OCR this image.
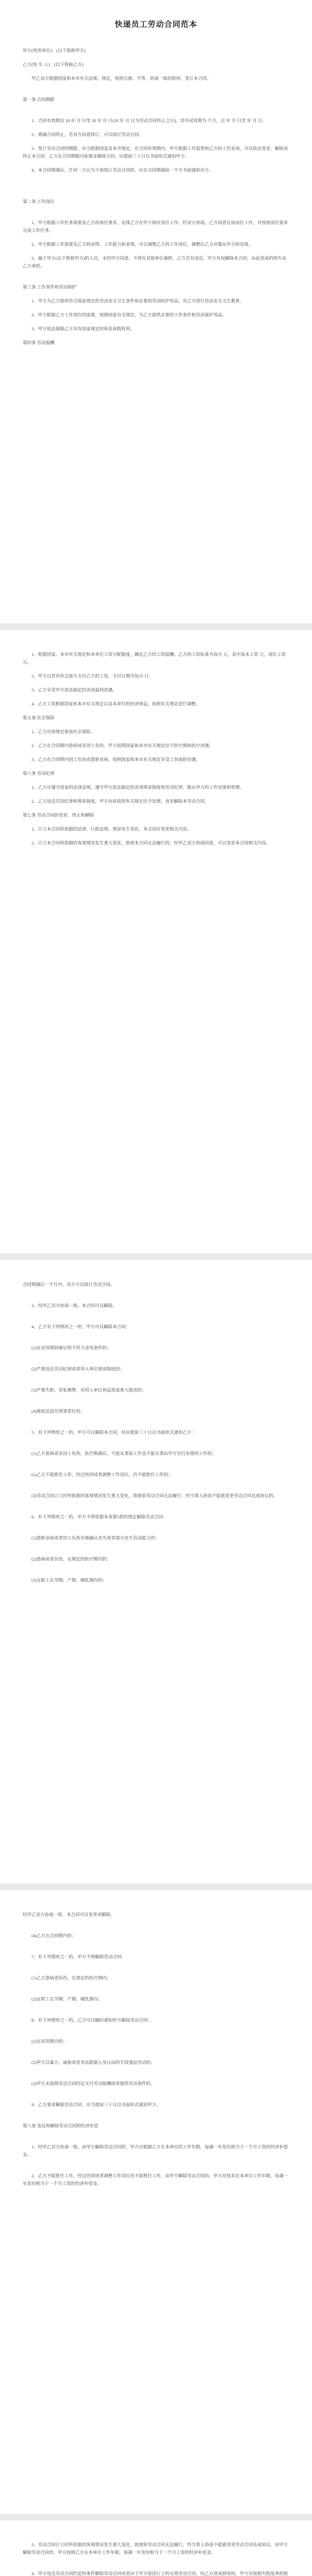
快递员工劳动合同范本

甲方(用用单位)：(以下简称甲方)

乙方(快 车 人)：(以下简称乙方)

甲乙双方根据国家和本市有关法规、规定，按照自愿、平等、协商一致的原则，签订本合同。

第一条 合同期限

1、合同有效期自 20 年 月 日至 20 年 月 日(20 年 月 日为劳动合同终止之日)。其中试用期为 个月，自 年 月 日至 年 月 日。

2、期满合同终止，若双方同意续订，可以续订劳动合同。

3、签订劳动合同的期限，应当根据国家及本市规定，在合同有效期内，甲方根据工作需要和乙方的工作表现，可以依法变更、解除或终止本合同，乙方在合同期限内如要求解除合同，应提前三十日以书面形式通知甲方。

4、本合同期满后，任何一方认为不再续订劳动合同的，应在合同期满前一个月书面通知对方。

第二条 工作岗位

1、甲方根据工作任务需要及乙方的岗位要求，安排乙方在甲方相应岗位工作。经双方协商，乙方同意在该岗位工作，并按照岗位要求完成工作任务。

2、甲方根据工作需要及乙方的业绩、工作能力和表现，可以调整乙方的工作岗位，调整后乙方应服从甲方的安排。

3、属于甲方(以下简称甲方)的人员，未经甲方同意，不得在其他单位兼职，乙方若有违反，甲方有权解除本合同，由此造成的损失由乙方承担。

第三条 工作条件和劳动保护

1、甲方为乙方提供符合国家规定的劳动安全卫生条件和必要的劳动防护用品，对乙方进行劳动安全卫生教育。

2、甲方根据乙方工作岗位的需要，按照国家有关规定，为乙方提供必要的工作条件和劳动保护用品。

3、甲方依法保障乙方享有国家规定的休息休假权利。

第四条 劳动报酬

1、根据国家、本市有关规定和本单位工资分配制度，确定乙方的工资报酬。乙方的工资标准为每月 元，其中基本工资 元，岗位工资 元。

2、甲方以货币形式按月支付乙方的工资，支付日期为每月 日。

3、乙方享受甲方依法制定的各项福利待遇。

4、乙方工资根据国家和本市有关规定以及本单位的经济效益，按照有关规定进行调整。

第五条 社会保险

1、乙方应按规定参加社会保险。

2、乙方在合同期内患病或非因工负伤，甲方按照国家和本市有关规定给予医疗期和医疗待遇。

3、乙方在合同期内因工负伤或患职业病，按照国家和本市有关规定享受工伤保险待遇。

第六条 劳动纪律

1、乙方应遵守国家的法律法规，遵守甲方依法制定的各项规章制度和劳动纪律，服从甲方的工作安排和管理。

2、乙方违反劳动纪律和规章制度，甲方有权依照有关规定给予处理，直至解除本劳动合同。

第七条 劳动合同的变更、终止和解除

1、订立本合同所依据的法律、行政法规、规章发生变化，本合同应变更相关内容。

2、订立本合同所依据的客观情况发生重大变化，致使本合同无法履行的，经甲乙双方协商同意，可以变更本合同相关内容。

合同期满后一个月内，双方可以续订劳动合同。

3、经甲乙双方协商一致，本合同可以解除。

4、乙方有下列情形之一的，甲方可以解除本合同：

(1)在试用期间被证明不符合录用条件的；

(2)严重违反劳动纪律或者用人单位规章制度的；

(3)严重失职、营私舞弊，对用人单位利益造成重大损害的；

(4)被依法追究刑事责任的。

5、有下列情形之一的，甲方可以解除本合同，但应提前三十日以书面形式通知乙方：

(1)乙方患病或非因工负伤，医疗期满后，不能从事原工作也不能从事由甲方另行安排的工作的；

(2)乙方不能胜任工作，经过培训或者调整工作岗位，仍不能胜任工作的；

(3)劳动合同订立时所依据的客观情况发生重大变化，致使原劳动合同无法履行，经当事人协商不能就变更劳动合同达成协议的。

6、有下列情形之一的，甲方不得依据本条第5款的规定解除劳动合同：

(1)患职业病或者因工负伤并被确认丧失或者部分丧失劳动能力的；

(2)患病或者负伤，在规定的医疗期内的；

(3)女职工在孕期、产期、哺乳期内的；

经甲乙双方协商一致，本合同可以变更或解除。

(4)乙方在合同期内的；

7、有下列情形之一的，甲方不得解除劳动合同：

(1)乙方患病或负伤，在规定的医疗期内；

(2)女职工在孕期、产期、哺乳期内；

8、有下列情形之一的，乙方可以随时通知甲方解除劳动合同：

(1)在试用期内的；

(2)甲方以暴力、威胁或者非法限制人身自由的手段强迫劳动的；

(3)甲方未按照劳动合同约定支付劳动报酬或者提供劳动条件的。

9、乙方要求解除劳动合同，应当提前三十日以书面形式通知甲方。

第八条 违反和解除劳动合同的经济补偿

1、经甲乙双方协商一致，由甲方解除劳动合同的，甲方应根据乙方在本单位的工作年限，每满一年发给相当于一个月工资的经济补偿金。

2、乙方不能胜任工作，经过培训或者调整工作岗位仍不能胜任工作，由甲方解除劳动合同的，甲方应按其在本单位工作年限，每满一年发给相当于一个月工资的经济补偿金。

3、劳动合同订立时所依据的客观情况发生重大变化，致使原劳动合同无法履行，经当事人协商不能就变更劳动合同达成协议，由甲方解除劳动合同的，甲方按照乙方在本单位工作年限，每满一年发给相当于一个月工资的经济补偿金。

4、甲方违反劳动合同约定的条件解除劳动合同或者由于甲方原因订立的无效劳动合同，给乙方造成损害的，甲方应按损失程度承担赔
